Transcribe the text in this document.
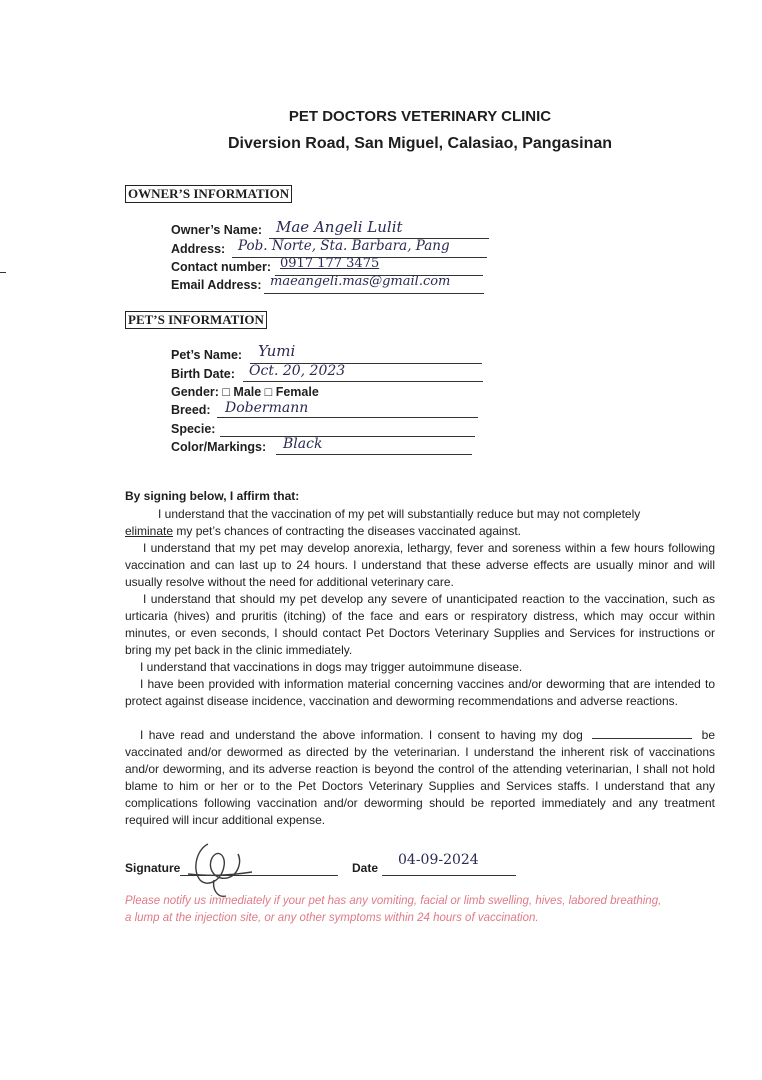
PET DOCTORS VETERINARY CLINIC
Diversion Road, San Miguel, Calasiao, Pangasinan
OWNER’S INFORMATION
Owner’s Name: Mae Angeli Lulit
Address: Pob. Norte, Sta. Barbara, Pang
Contact number: 0917 177 3475
Email Address: maeangeli.mas@gmail.com
PET’S INFORMATION
Pet’s Name: Yumi
Birth Date: Oct. 20, 2023
Gender: □ Male □ Female
Breed: Dobermann
Specie:
Color/Markings: Black
By signing below, I affirm that:
I understand that the vaccination of my pet will substantially reduce but may not completely
eliminate my pet’s chances of contracting the diseases vaccinated against.
I understand that my pet may develop anorexia, lethargy, fever and soreness within a few hours following vaccination and can last up to 24 hours. I understand that these adverse effects are usually minor and will usually resolve without the need for additional veterinary care.
I understand that should my pet develop any severe of unanticipated reaction to the vaccination, such as urticaria (hives) and pruritis (itching) of the face and ears or respiratory distress, which may occur within minutes, or even seconds, I should contact Pet Doctors Veterinary Supplies and Services for instructions or bring my pet back in the clinic immediately.
I understand that vaccinations in dogs may trigger autoimmune disease.
I have been provided with information material concerning vaccines and/or deworming that are intended to protect against disease incidence, vaccination and deworming recommendations and adverse reactions.
I have read and understand the above information. I consent to having my dog	be vaccinated and/or dewormed as directed by the veterinarian. I understand the inherent risk of vaccinations and/or deworming, and its adverse reaction is beyond the control of the attending veterinarian, I shall not hold blame to him or her or to the Pet Doctors Veterinary Supplies and Services staffs. I understand that any complications following vaccination and/or deworming should be reported immediately and any treatment required will incur additional expense.
Signature	Date 04-09-2024
Please notify us immediately if your pet has any vomiting, facial or limb swelling, hives, labored breathing, a lump at the injection site, or any other symptoms within 24 hours of vaccination.
